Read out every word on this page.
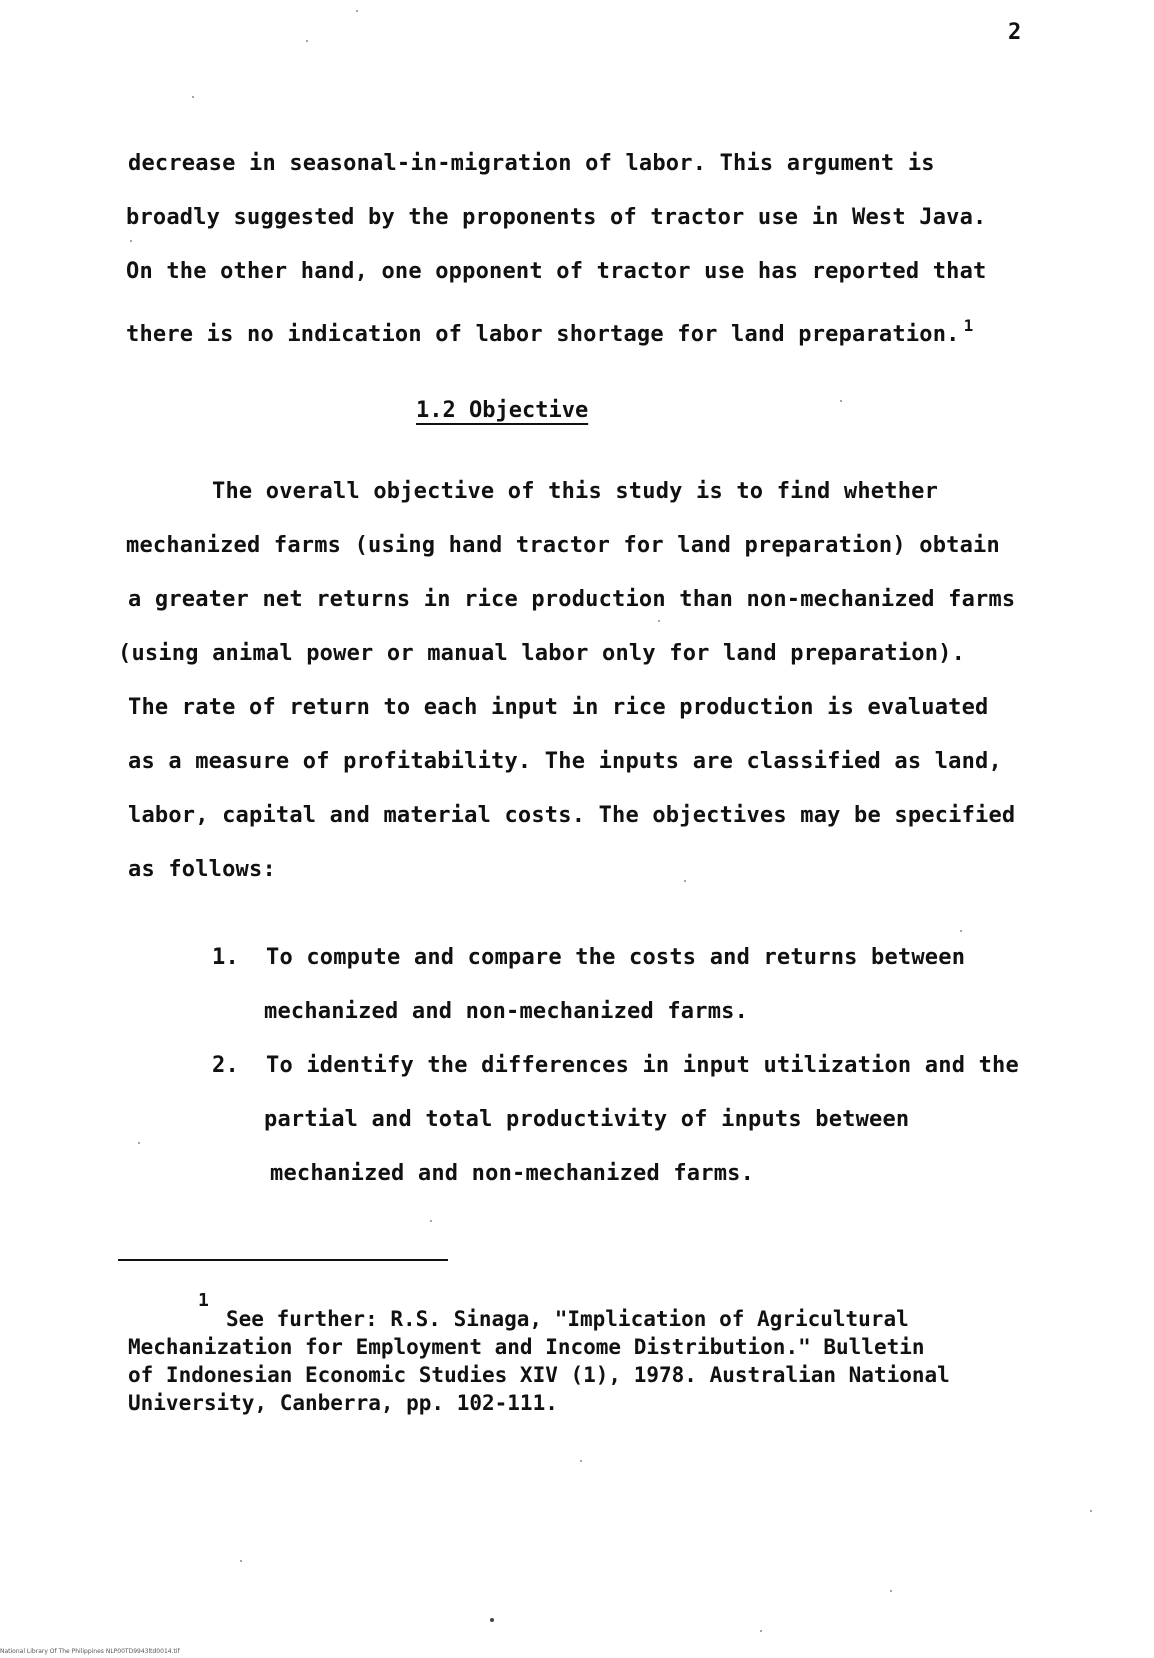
2
decrease in seasonal-in-migration of labor. This argument is
broadly suggested by the proponents of tractor use in West Java.
On the other hand, one opponent of tractor use has reported that
there is no indication of labor shortage for land preparation. $^1$
1.2 Objective
The overall objective of this study is to find whether
mechanized farms (using hand tractor for land preparation) obtain
a greater net returns in rice production than non-mechanized farms
(using animal power or manual labor only for land preparation).
The rate of return to each input in rice production is evaluated
as a measure of profitability. The inputs are classified as land,
labor, capital and material costs. The objectives may be specified
as follows:
1. To compute and compare the costs and returns between
mechanized and non-mechanized farms.
2. To identify the differences in input utilization and the
partial and total productivity of inputs between
mechanized and non-mechanized farms.
1
See further: R.S. Sinaga, "Implication of Agricultural
Mechanization for Employment and Income Distribution." Bulletin
of Indonesian Economic Studies XIV (1), 1978. Australian National
University, Canberra, pp. 102-111.
National Library Of The Philippines NLP00TD9943ltd0014.tif
